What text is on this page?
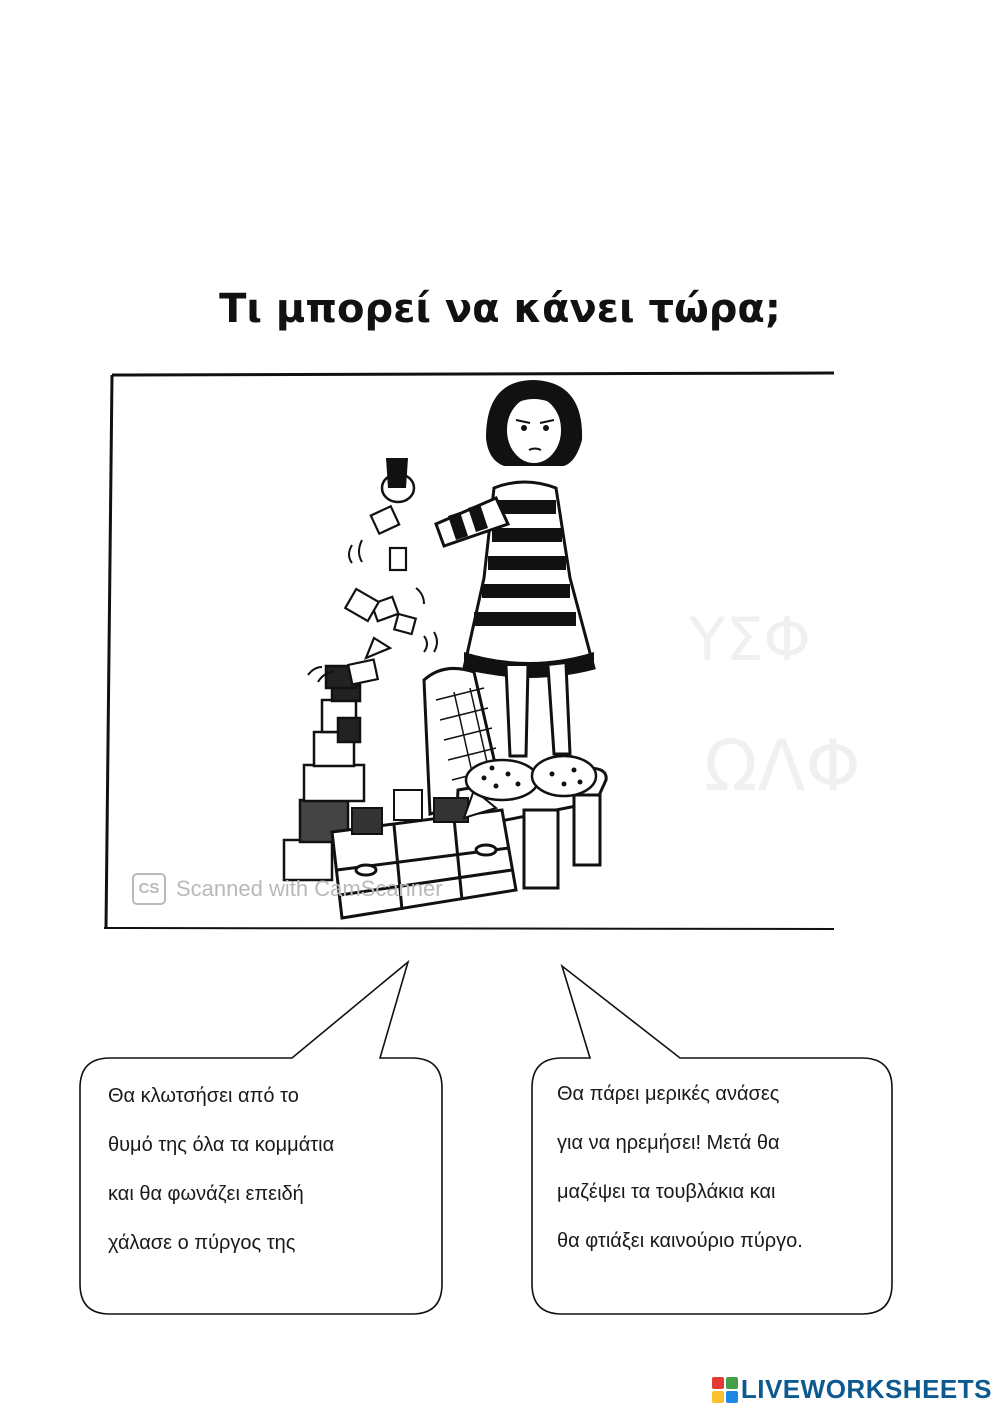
Τι μπορεί να κάνει τώρα;
ΥΣΦ
ΩΛΦ
CS Scanned with CamScanner
Θα κλωτσήσει από το
θυμό της όλα τα κομμάτια
και θα φωνάζει επειδή
χάλασε ο πύργος της
Θα πάρει μερικές ανάσες
για να ηρεμήσει! Μετά θα
μαζέψει τα τουβλάκια και
θα φτιάξει καινούριο πύργο.
LIVEWORKSHEETS
